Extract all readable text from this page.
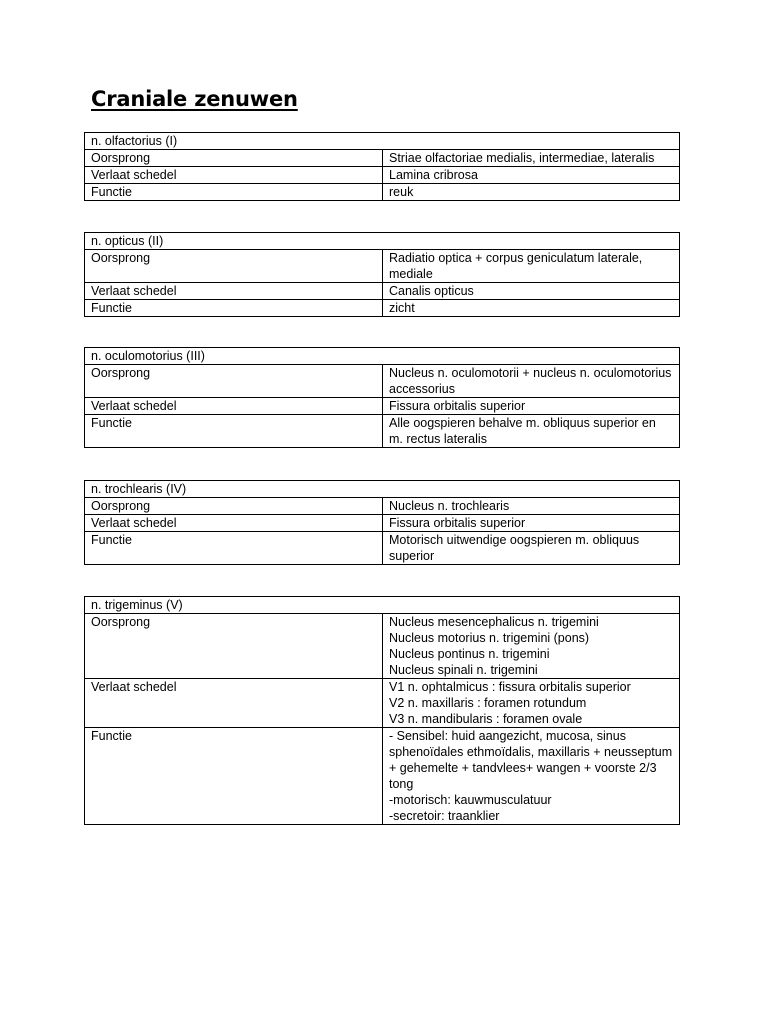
Craniale zenuwen
n. olfactorius (I)	
Oorsprong	Striae olfactoriae medialis, intermediae, lateralis

Verlaat schedel	Lamina cribrosa

Functie	reuk
n. opticus (II)	
Oorsprong	Radiatio optica + corpus geniculatum laterale, mediale

Verlaat schedel	Canalis opticus

Functie	zicht
n. oculomotorius (III)	
Oorsprong	Nucleus n. oculomotorii + nucleus n. oculomotorius accessorius

Verlaat schedel	Fissura orbitalis superior

Functie	Alle oogspieren behalve m. obliquus superior en m. rectus lateralis
n. trochlearis (IV)	
Oorsprong	Nucleus n. trochlearis

Verlaat schedel	Fissura orbitalis superior

Functie	Motorisch uitwendige oogspieren m. obliquus superior
n. trigeminus (V)	
Oorsprong	Nucleus mesencephalicus n. trigemini
Nucleus motorius n. trigemini (pons)
Nucleus pontinus n. trigemini
Nucleus spinali n. trigemini

Verlaat schedel	V1 n. ophtalmicus : fissura orbitalis superior
V2 n. maxillaris : foramen rotundum
V3 n. mandibularis : foramen ovale

Functie	- Sensibel: huid aangezicht, mucosa, sinus sphenoïdales ethmoïdalis, maxillaris + neusseptum + gehemelte + tandvlees+ wangen + voorste 2/3 tong
-motorisch: kauwmusculatuur
-secretoir: traanklier
